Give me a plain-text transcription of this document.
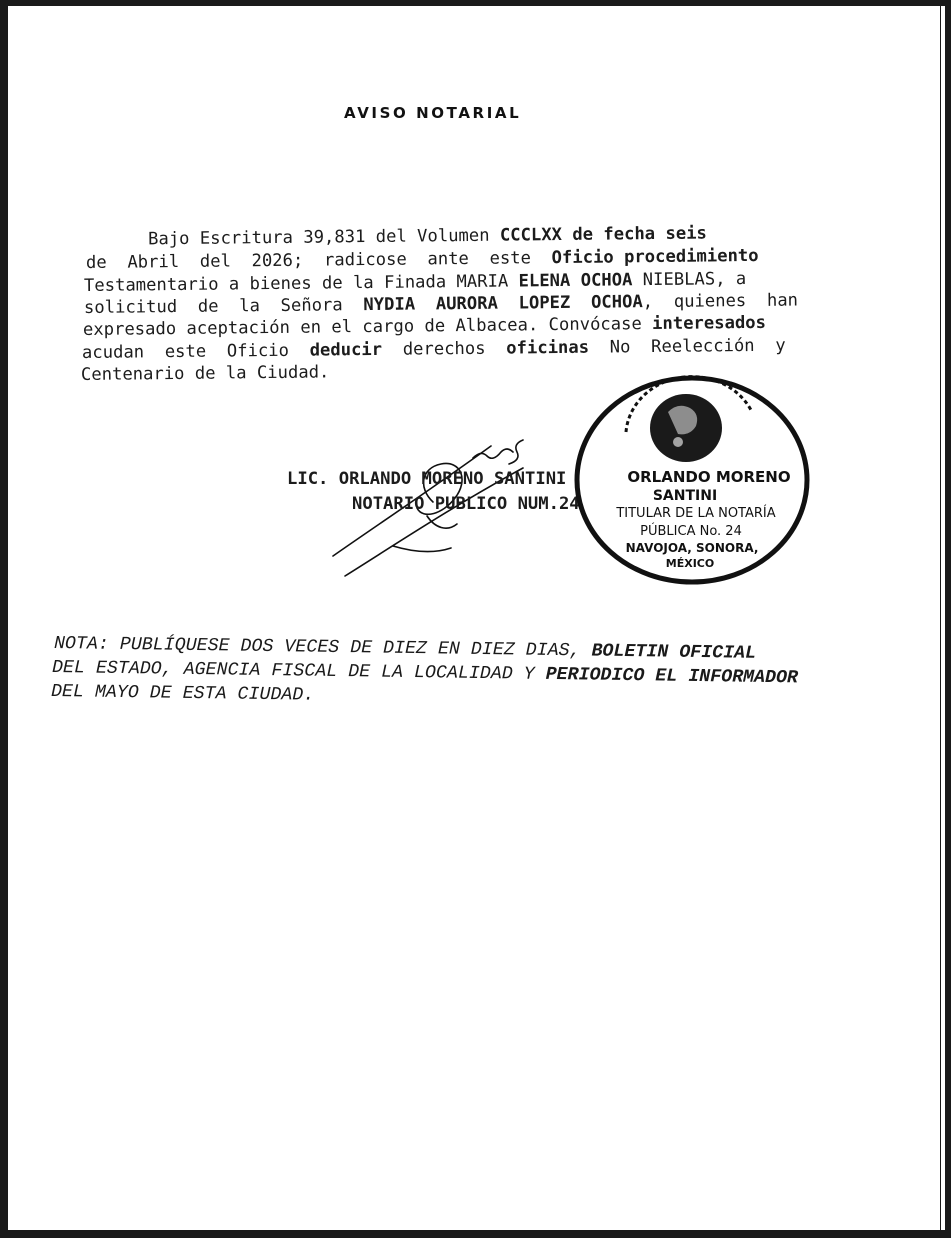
AVISO NOTARIAL
Bajo Escritura 39,831 del Volumen CCCLXX de fecha seis
de  Abril  del  2026;  radicose  ante  este  Oficio procedimiento
Testamentario a bienes de la Finada MARIA ELENA OCHOA NIEBLAS, a
solicitud  de  la  Señora  NYDIA  AURORA  LOPEZ  OCHOA,  quienes  han
expresado aceptación en el cargo de Albacea. Convócase interesados
acudan  este  Oficio  deducir  derechos  oficinas  No  Reelección  y
Centenario de la Ciudad.
LIC. ORLANDO MORENO SANTINI
NOTARIO PUBLICO NUM.24
ORLANDO MORENO
SANTINI
TITULAR DE LA NOTARÍA
PÚBLICA No. 24
NAVOJOA, SONORA,
MÉXICO
NOTA: PUBLÍQUESE DOS VECES DE DIEZ EN DIEZ DIAS, BOLETIN OFICIAL
DEL ESTADO, AGENCIA FISCAL DE LA LOCALIDAD Y PERIODICO EL INFORMADOR
DEL MAYO DE ESTA CIUDAD.
